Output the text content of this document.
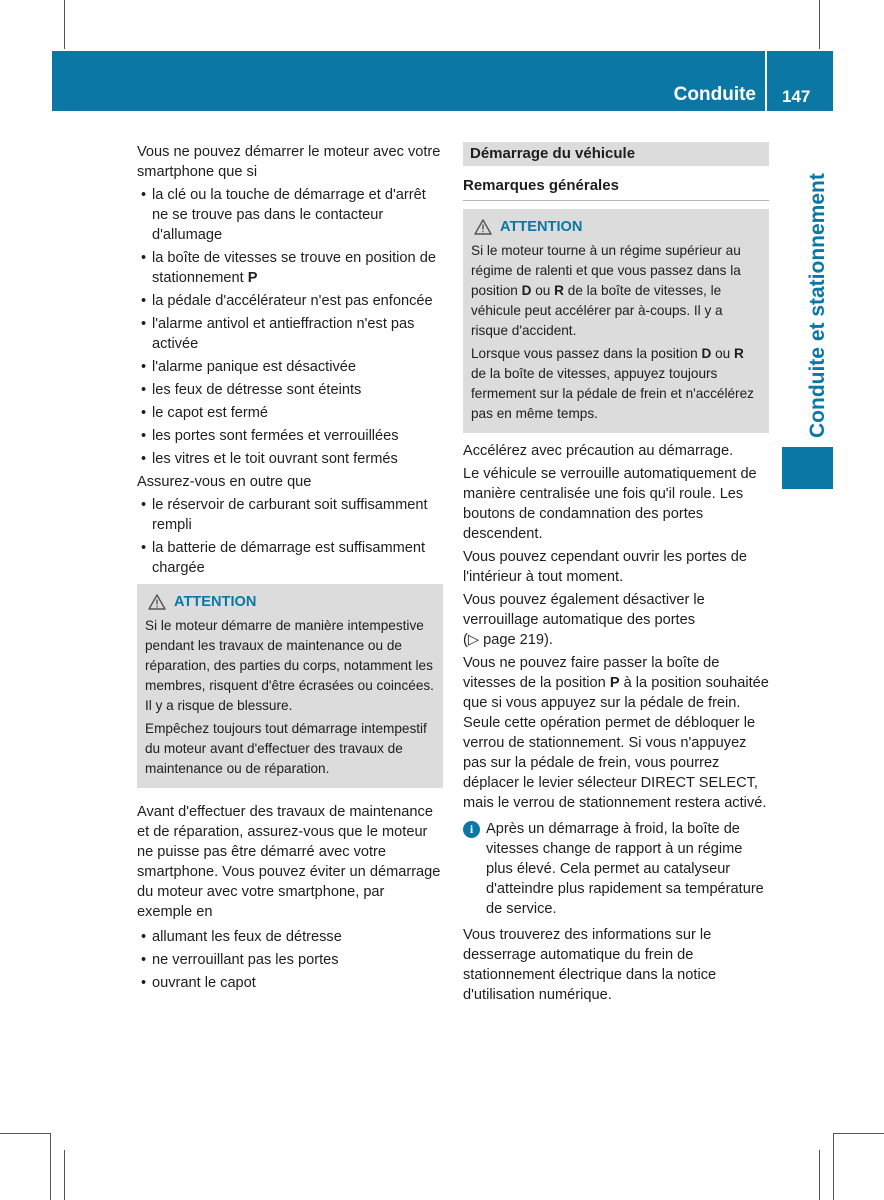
Conduite 147
Conduite et stationnement

Vous ne pouvez démarrer le moteur avec votre smartphone que si

• la clé ou la touche de démarrage et d'arrêt ne se trouve pas dans le contacteur d'allumage
• la boîte de vitesses se trouve en position de stationnement P
• la pédale d'accélérateur n'est pas enfoncée
• l'alarme antivol et antieffraction n'est pas activée
• l'alarme panique est désactivée
• les feux de détresse sont éteints
• le capot est fermé
• les portes sont fermées et verrouillées
• les vitres et le toit ouvrant sont fermés

Assurez-vous en outre que

• le réservoir de carburant soit suffisamment rempli
• la batterie de démarrage est suffisamment chargée
ATTENTION

Si le moteur démarre de manière intempestive pendant les travaux de maintenance ou de réparation, des parties du corps, notamment les membres, risquent d'être écrasées ou coincées. Il y a risque de blessure.

Empêchez toujours tout démarrage intempestif du moteur avant d'effectuer des travaux de maintenance ou de réparation.

Avant d'effectuer des travaux de maintenance et de réparation, assurez-vous que le moteur ne puisse pas être démarré avec votre smartphone. Vous pouvez éviter un démarrage du moteur avec votre smartphone, par exemple en

• allumant les feux de détresse
• ne verrouillant pas les portes
• ouvrant le capot
Démarrage du véhicule
Remarques générales
ATTENTION

Si le moteur tourne à un régime supérieur au régime de ralenti et que vous passez dans la position D ou R de la boîte de vitesses, le véhicule peut accélérer par à-coups. Il y a risque d'accident.

Lorsque vous passez dans la position D ou R de la boîte de vitesses, appuyez toujours fermement sur la pédale de frein et n'accélérez pas en même temps.

Accélérez avec précaution au démarrage.

Le véhicule se verrouille automatiquement de manière centralisée une fois qu'il roule. Les boutons de condamnation des portes descendent.

Vous pouvez cependant ouvrir les portes de l'intérieur à tout moment.

Vous pouvez également désactiver le verrouillage automatique des portes

(▷ page 219).

Vous ne pouvez faire passer la boîte de vitesses de la position P à la position souhaitée que si vous appuyez sur la pédale de frein. Seule cette opération permet de débloquer le verrou de stationnement. Si vous n'appuyez pas sur la pédale de frein, vous pourrez déplacer le levier sélecteur DIRECT SELECT, mais le verrou de stationnement restera activé.

i Après un démarrage à froid, la boîte de vitesses change de rapport à un régime plus élevé. Cela permet au catalyseur d'atteindre plus rapidement sa température de service.

Vous trouverez des informations sur le desserrage automatique du frein de stationnement électrique dans la notice d'utilisation numérique.
